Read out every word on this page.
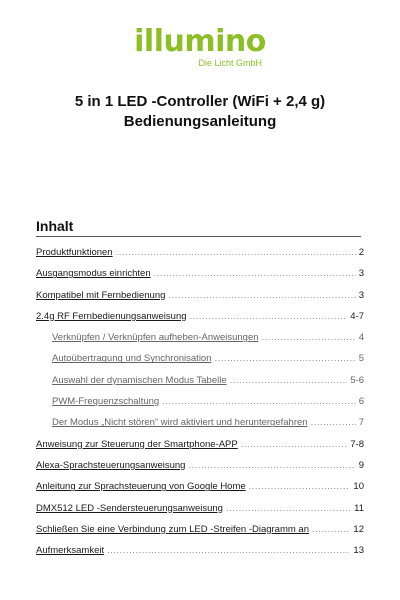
illumino
Die Licht GmbH
5 in 1 LED -Controller (WiFi + 2,4 g)
Bedienungsanleitung
Inhalt
Produktfunktionen .....	2
Ausgangsmodus einrichten .....	3
Kompatibel mit Fernbedienung .....	3
2.4g RF Fernbedienungsanweisung .....	4-7
Verknüpfen / Verknüpfen aufheben-Anweisungen .....	4
Autoübertragung und Synchronisation .....	5
Auswahl der dynamischen Modus Tabelle .....	5-6
PWM-Frequenzschaltung .....	6
Der Modus „Nicht stören“ wird aktiviert und heruntergefahren .....	7
Anweisung zur Steuerung der Smartphone-APP .....	7-8
Alexa-Sprachsteuerungsanweisung .....	9
Anleitung zur Sprachsteuerung von Google Home .....	10
DMX512 LED -Sendersteuerungsanweisung .....	11
Schließen Sie eine Verbindung zum LED -Streifen -Diagramm an .....	12
Aufmerksamkeit .....	13
